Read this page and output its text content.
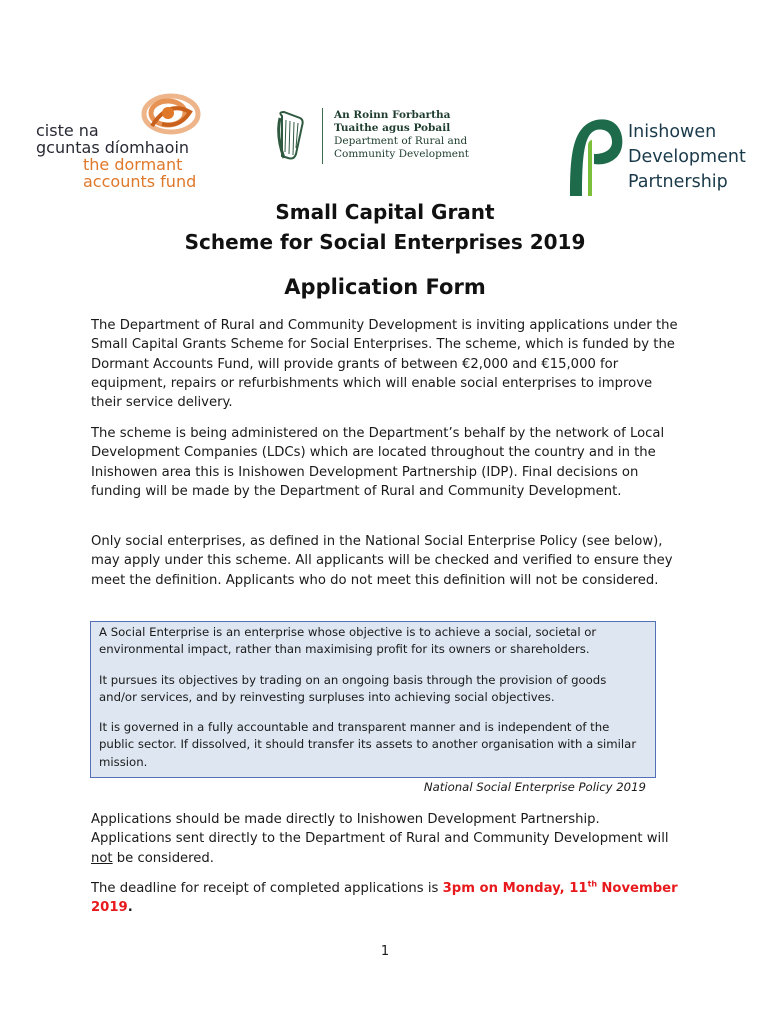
ciste na
gcuntas díomhaoin
the dormant
accounts fund
An Roinn Forbartha
Tuaithe agus Pobail
Department of Rural and
Community Development
Inishowen
Development
Partnership
Small Capital Grant
Scheme for Social Enterprises 2019
Application Form

The Department of Rural and Community Development is inviting applications under the Small Capital Grants Scheme for Social Enterprises. The scheme, which is funded by the Dormant Accounts Fund, will provide grants of between €2,000 and €15,000 for equipment, repairs or refurbishments which will enable social enterprises to improve their service delivery.

The scheme is being administered on the Department’s behalf by the network of Local Development Companies (LDCs) which are located throughout the country and in the Inishowen area this is Inishowen Development Partnership (IDP). Final decisions on funding will be made by the Department of Rural and Community Development.

Only social enterprises, as defined in the National Social Enterprise Policy (see below), may apply under this scheme. All applicants will be checked and verified to ensure they meet the definition. Applicants who do not meet this definition will not be considered.

A Social Enterprise is an enterprise whose objective is to achieve a social, societal or environmental impact, rather than maximising profit for its owners or shareholders.

It pursues its objectives by trading on an ongoing basis through the provision of goods and/or services, and by reinvesting surpluses into achieving social objectives.

It is governed in a fully accountable and transparent manner and is independent of the public sector. If dissolved, it should transfer its assets to another organisation with a similar mission.

National Social Enterprise Policy 2019

Applications should be made directly to Inishowen Development Partnership. Applications sent directly to the Department of Rural and Community Development will not be considered.

The deadline for receipt of completed applications is 3pm on Monday, 11th November 2019.

1
